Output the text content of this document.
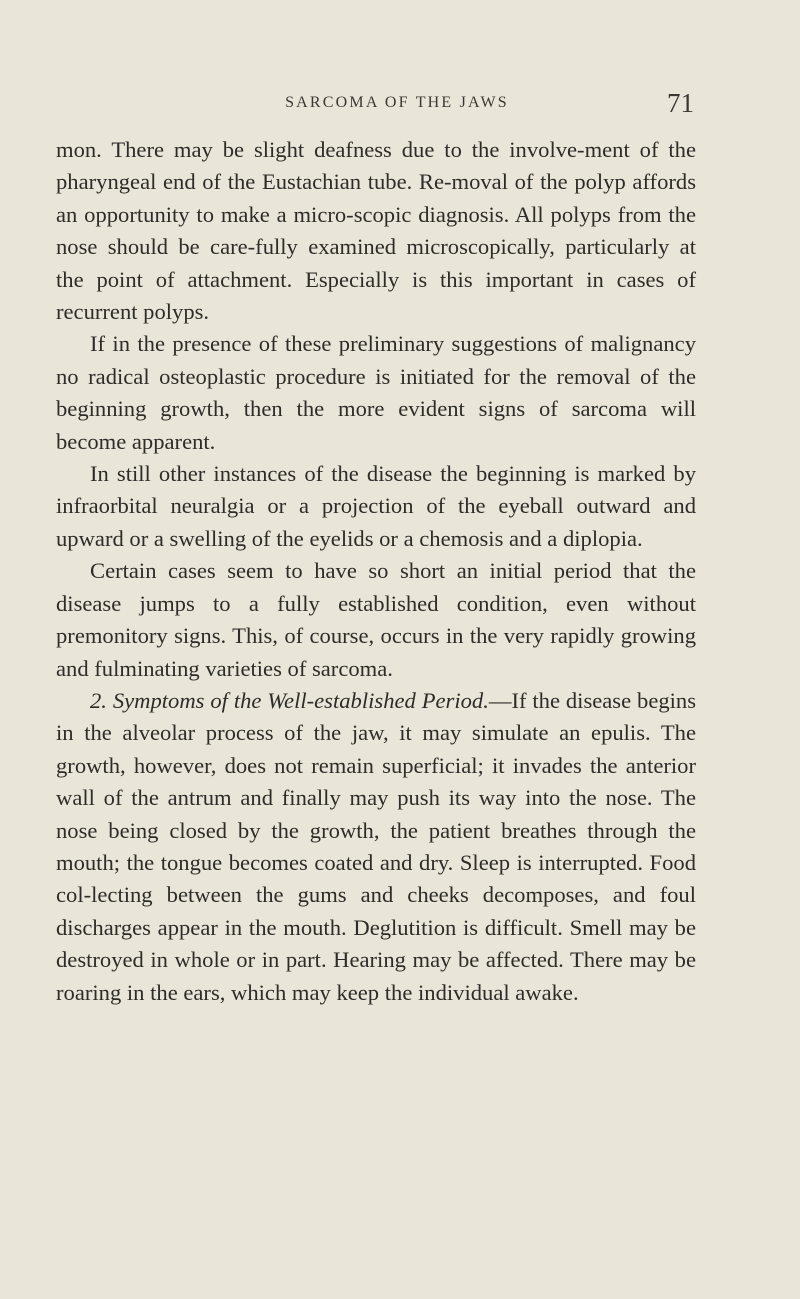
SARCOMA OF THE JAWS	71

mon. There may be slight deafness due to the involve-ment of the pharyngeal end of the Eustachian tube. Re-moval of the polyp affords an opportunity to make a micro-scopic diagnosis. All polyps from the nose should be care-fully examined microscopically, particularly at the point of attachment. Especially is this important in cases of recurrent polyps.

If in the presence of these preliminary suggestions of malignancy no radical osteoplastic procedure is initiated for the removal of the beginning growth, then the more evident signs of sarcoma will become apparent.

In still other instances of the disease the beginning is marked by infraorbital neuralgia or a projection of the eyeball outward and upward or a swelling of the eyelids or a chemosis and a diplopia.

Certain cases seem to have so short an initial period that the disease jumps to a fully established condition, even without premonitory signs. This, of course, occurs in the very rapidly growing and fulminating varieties of sarcoma.

2. Symptoms of the Well-established Period.—If the disease begins in the alveolar process of the jaw, it may simulate an epulis. The growth, however, does not remain superficial; it invades the anterior wall of the antrum and finally may push its way into the nose. The nose being closed by the growth, the patient breathes through the mouth; the tongue becomes coated and dry. Sleep is interrupted. Food col-lecting between the gums and cheeks decomposes, and foul discharges appear in the mouth. Deglutition is difficult. Smell may be destroyed in whole or in part. Hearing may be affected. There may be roaring in the ears, which may keep the individual awake.
